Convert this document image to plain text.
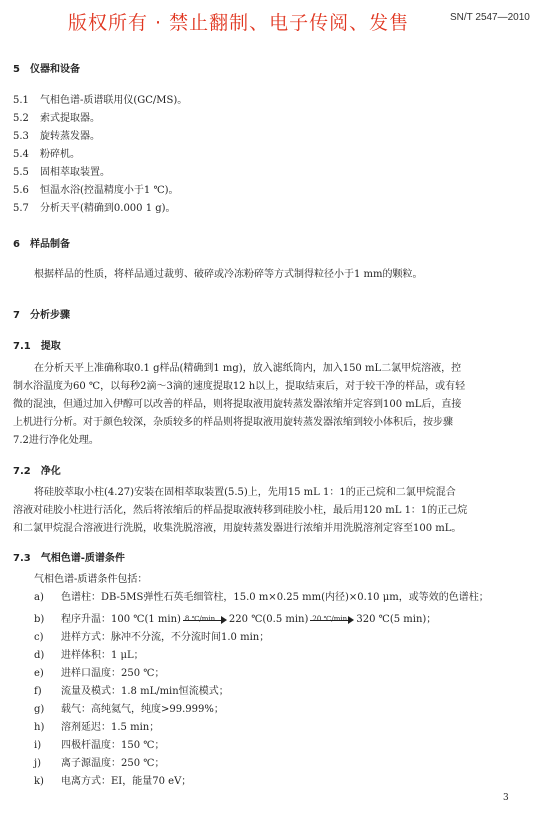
版权所有 · 禁止翻制、电子传阅、发售	SN/T 2547—2010
5　仪器和设备
5.1 气相色谱-质谱联用仪(GC/MS)。
5.2 索式提取器。
5.3 旋转蒸发器。
5.4 粉碎机。
5.5 固相萃取装置。
5.6 恒温水浴(控温精度小于1 ℃)。
5.7 分析天平(精确到0.000 1 g)。
6　样品制备
根据样品的性质，将样品通过裁剪、破碎或冷冻粉碎等方式制得粒径小于1 mm的颗粒。
7　分析步骤
7.1　提取
在分析天平上准确称取0.1 g样品(精确到1 mg)，放入滤纸筒内，加入150 mL二氯甲烷溶液，控
制水浴温度为60 ℃，以每秒2滴～3滴的速度提取12 h以上，提取结束后，对于较干净的样品，或有轻
微的混浊，但通过加入伊醇可以改善的样品，则将提取液用旋转蒸发器浓缩并定容到100 mL后，直接
上机进行分析。对于颜色较深，杂质较多的样品则将提取液用旋转蒸发器浓缩到较小体积后，按步骤
7.2进行净化处理。
7.2　净化
将硅胶萃取小柱(4.27)安装在固相萃取装置(5.5)上，先用15 mL 1：1的正己烷和二氯甲烷混合
溶液对硅胶小柱进行活化，然后将浓缩后的样品提取液转移到硅胶小柱，最后用120 mL 1：1的正己烷
和二氯甲烷混合溶液进行洗脱，收集洗脱溶液，用旋转蒸发器进行浓缩并用洗脱溶剂定容至100 mL。
7.3　气相色谱-质谱条件
气相色谱-质谱条件包括：
a) 色谱柱：DB-5MS弹性石英毛细管柱，15.0 m×0.25 mm(内径)×0.10 μm，或等效的色谱柱；
b) 程序升温：100 ℃(1 min) 8 ℃/min 220 ℃(0.5 min) 20 ℃/min 320 ℃(5 min)；
c) 进样方式：脉冲不分流，不分流时间1.0 min；
d) 进样体积：1 μL；
e) 进样口温度：250 ℃；
f) 流量及模式：1.8 mL/min恒流模式；
g) 载气：高纯氦气，纯度>99.999%；
h) 溶剂延迟：1.5 min；
i) 四极杆温度：150 ℃；
j) 离子源温度：250 ℃；
k) 电离方式：EI，能量70 eV；
3
